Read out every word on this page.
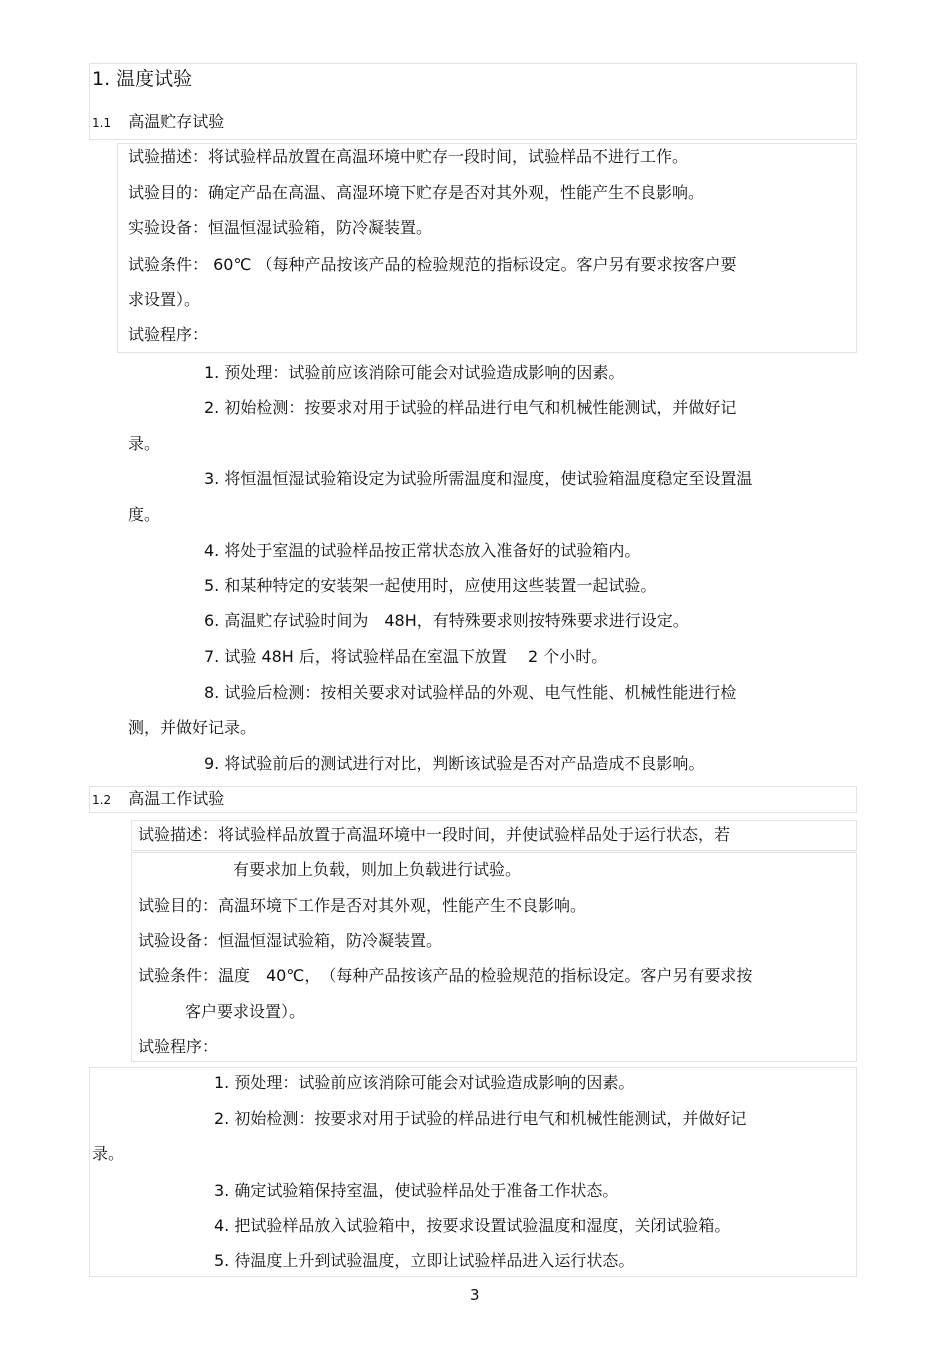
1. 温度试验
1.1 高温贮存试验
试验描述：将试验样品放置在高温环境中贮存一段时间，试验样品不进行工作。
试验目的：确定产品在高温、高湿环境下贮存是否对其外观，性能产生不良影响。
实验设备：恒温恒湿试验箱，防冷凝装置。
试验条件： 60℃ （每种产品按该产品的检验规范的指标设定。客户另有要求按客户要
求设置）。
试验程序：
1. 预处理：试验前应该消除可能会对试验造成影响的因素。
2. 初始检测：按要求对用于试验的样品进行电气和机械性能测试，并做好记
录。
3. 将恒温恒湿试验箱设定为试验所需温度和湿度，使试验箱温度稳定至设置温
度。
4. 将处于室温的试验样品按正常状态放入准备好的试验箱内。
5. 和某种特定的安装架一起使用时，应使用这些装置一起试验。
6. 高温贮存试验时间为　48H，有特殊要求则按特殊要求进行设定。
7. 试验 48H 后，将试验样品在室温下放置　 2 个小时。
8. 试验后检测：按相关要求对试验样品的外观、电气性能、机械性能进行检
测，并做好记录。
9. 将试验前后的测试进行对比，判断该试验是否对产品造成不良影响。
1.2 高温工作试验
试验描述：将试验样品放置于高温环境中一段时间，并使试验样品处于运行状态，若
有要求加上负载，则加上负载进行试验。
试验目的：高温环境下工作是否对其外观，性能产生不良影响。
试验设备：恒温恒湿试验箱，防冷凝装置。
试验条件：温度　40℃，　（每种产品按该产品的检验规范的指标设定。客户另有要求按
客户要求设置）。
试验程序：
1. 预处理：试验前应该消除可能会对试验造成影响的因素。
2. 初始检测：按要求对用于试验的样品进行电气和机械性能测试，并做好记
录。
3. 确定试验箱保持室温，使试验样品处于准备工作状态。
4. 把试验样品放入试验箱中，按要求设置试验温度和湿度，关闭试验箱。
5. 待温度上升到试验温度，立即让试验样品进入运行状态。
3
